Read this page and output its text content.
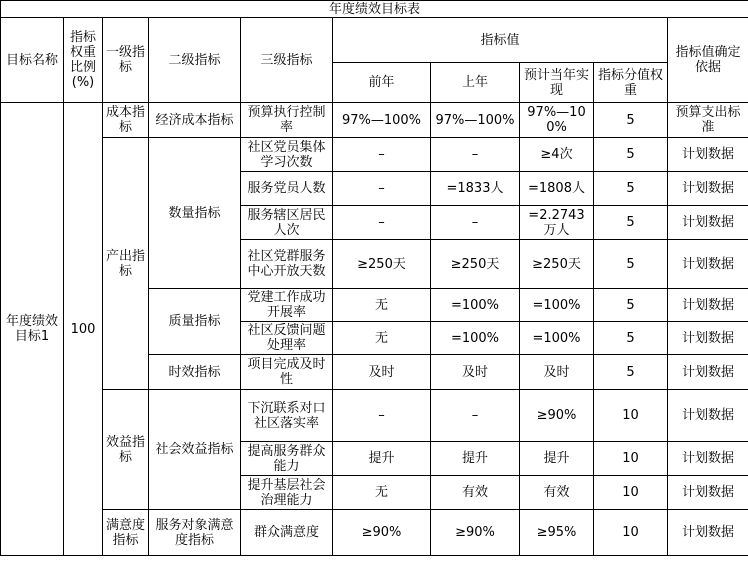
年度绩效目标表									
目标名称	指标权重比例(%)	一级指标	二级指标	三级指标	指标值				指标值确定依据
					前年	上年	预计当年实现	指标分值权重	
年度绩效目标1	100	成本指标	经济成本指标	预算执行控制率	97%—100%	97%—100%	97%—100%	5	预算支出标准
		产出指标	数量指标	社区党员集体学习次数	–	–	≥4次	5	计划数据
				服务党员人数	–	=1833人	=1808人	5	计划数据
				服务辖区居民人次	–	–	=2.2743万人	5	计划数据
				社区党群服务中心开放天数	≥250天	≥250天	≥250天	5	计划数据
			质量指标	党建工作成功开展率	无	=100%	=100%	5	计划数据
				社区反馈问题处理率	无	=100%	=100%	5	计划数据
			时效指标	项目完成及时性	及时	及时	及时	5	计划数据
		效益指标	社会效益指标	下沉联系对口社区落实率	–	–	≥90%	10	计划数据
				提高服务群众能力	提升	提升	提升	10	计划数据
				提升基层社会治理能力	无	有效	有效	10	计划数据
		满意度指标	服务对象满意度指标	群众满意度	≥90%	≥90%	≥95%	10	计划数据
